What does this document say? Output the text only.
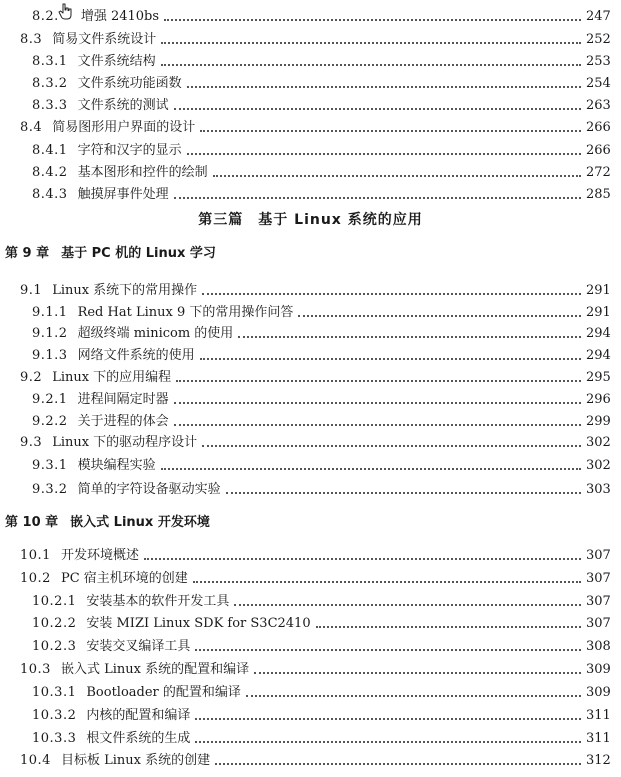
8.2. 增强 2410bs	247
8.3 简易文件系统设计	252
8.3.1 文件系统结构	253
8.3.2 文件系统功能函数	254
8.3.3 文件系统的测试	263
8.4 简易图形用户界面的设计	266
8.4.1 字符和汉字的显示	266
8.4.2 基本图形和控件的绘制	272
8.4.3 触摸屏事件处理	285
第三篇　基于 Linux 系统的应用
第 9 章 基于 PC 机的 Linux 学习
9.1 Linux 系统下的常用操作	291
9.1.1 Red Hat Linux 9 下的常用操作问答	291
9.1.2 超级终端 minicom 的使用	294
9.1.3 网络文件系统的使用	294
9.2 Linux 下的应用编程	295
9.2.1 进程间隔定时器	296
9.2.2 关于进程的体会	299
9.3 Linux 下的驱动程序设计	302
9.3.1 模块编程实验	302
9.3.2 简单的字符设备驱动实验	303
第 10 章 嵌入式 Linux 开发环境
10.1 开发环境概述	307
10.2 PC 宿主机环境的创建	307
10.2.1 安装基本的软件开发工具	307
10.2.2 安装 MIZI Linux SDK for S3C2410	307
10.2.3 安装交叉编译工具	308
10.3 嵌入式 Linux 系统的配置和编译	309
10.3.1 Bootloader 的配置和编译	309
10.3.2 内核的配置和编译	311
10.3.3 根文件系统的生成	311
10.4 目标板 Linux 系统的创建	312
